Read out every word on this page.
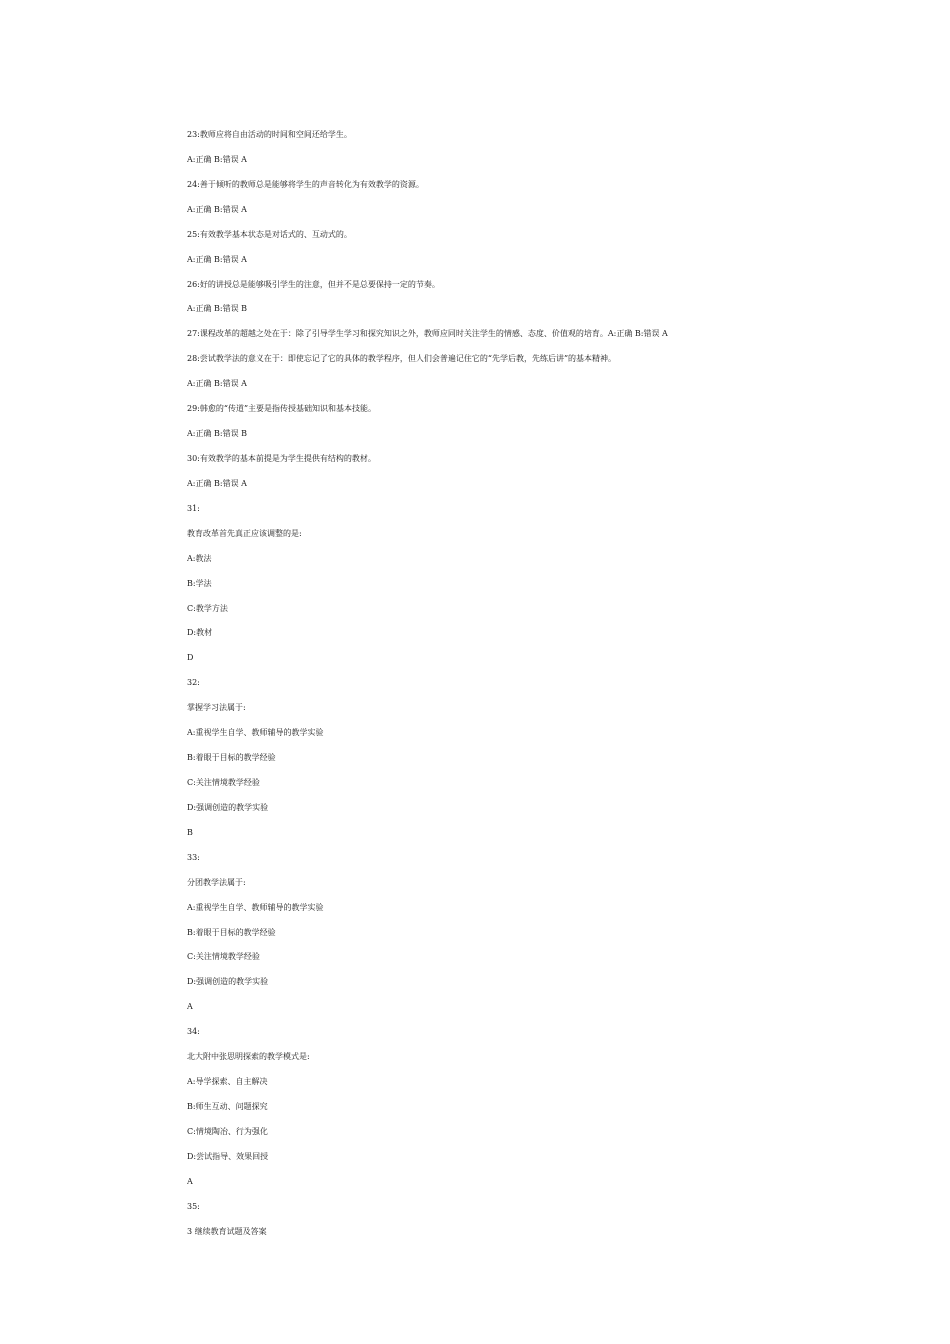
23:教师应将自由活动的时间和空间还给学生。
A:正确 B:错误 A
24:善于倾听的教师总是能够将学生的声音转化为有效教学的资源。
A:正确 B:错误 A
25:有效教学基本状态是对话式的、互动式的。
A:正确 B:错误 A
26:好的讲授总是能够吸引学生的注意，但并不是总要保持一定的节奏。
A:正确 B:错误 B
27:课程改革的超越之处在于：除了引导学生学习和探究知识之外，教师应同时关注学生的情感、态度、价值观的培育。A:正确 B:错误 A
28:尝试教学法的意义在于：即使忘记了它的具体的教学程序，但人们会普遍记住它的“先学后教，先练后讲”的基本精神。
A:正确 B:错误 A
29:韩愈的“传道”主要是指传授基础知识和基本技能。
A:正确 B:错误 B
30:有效教学的基本前提是为学生提供有结构的教材。
A:正确 B:错误 A
31:
教育改革首先真正应该调整的是:
A:教法
B:学法
C:教学方法
D:教材
D
32:
掌握学习法属于:
A:重视学生自学、教师辅导的教学实验
B:着眼于目标的教学经验
C:关注情境教学经验
D:强调创造的教学实验
B
33:
分团教学法属于:
A:重视学生自学、教师辅导的教学实验
B:着眼于目标的教学经验
C:关注情境教学经验
D:强调创造的教学实验
A
34:
北大附中张思明探索的教学模式是:
A:导学探索、自主解决
B:师生互动、问题探究
C:情境陶冶、行为强化
D:尝试指导、效果回授
A
35:
3 继续教育试题及答案
